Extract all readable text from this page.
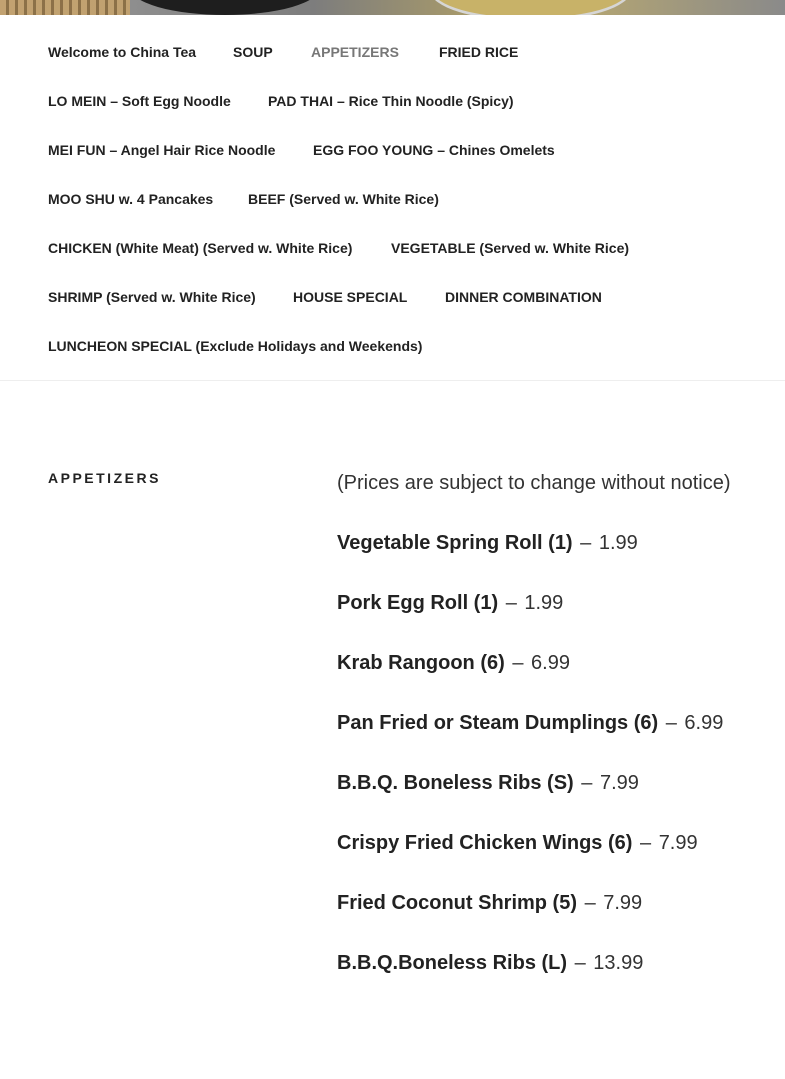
Welcome to China Tea	SOUP	APPETIZERS	FRIED RICE
LO MEIN – Soft Egg Noodle	PAD THAI – Rice Thin Noodle (Spicy)
MEI FUN – Angel Hair Rice Noodle	EGG FOO YOUNG – Chines Omelets
MOO SHU w. 4 Pancakes BEEF (Served w. White Rice)
CHICKEN (White Meat) (Served w. White Rice)	VEGETABLE (Served w. White Rice)
SHRIMP (Served w. White Rice)	HOUSE SPECIAL	DINNER COMBINATION
LUNCHEON SPECIAL (Exclude Holidays and Weekends)
APPETIZERS	(Prices are subject to change without notice)

Vegetable Spring Roll (1) – 1.99

Pork Egg Roll (1) – 1.99

Krab Rangoon (6) – 6.99

Pan Fried or Steam Dumplings (6) – 6.99

B.B.Q. Boneless Ribs (S) – 7.99

Crispy Fried Chicken Wings (6) – 7.99

Fried Coconut Shrimp (5) – 7.99

B.B.Q.Boneless Ribs (L) – 13.99
